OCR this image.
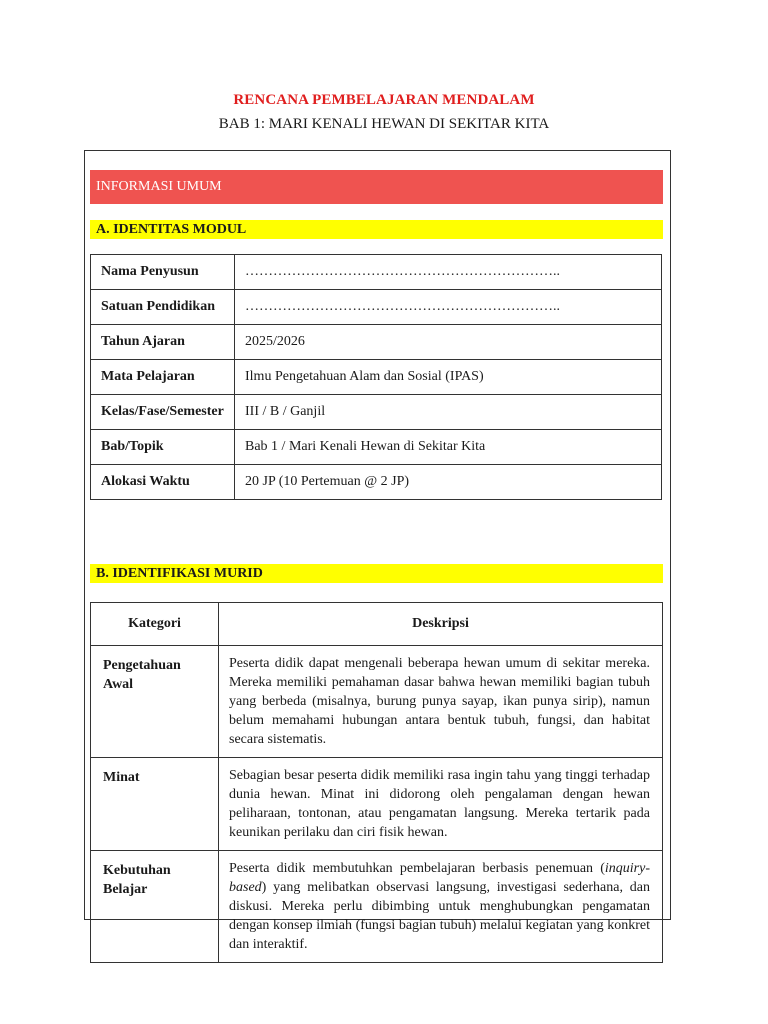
RENCANA PEMBELAJARAN MENDALAM
BAB 1: MARI KENALI HEWAN DI SEKITAR KITA
INFORMASI UMUM
A. IDENTITAS MODUL
Nama Penyusun	…………………………………………………………..
Satuan Pendidikan	…………………………………………………………..
Tahun Ajaran	2025/2026
Mata Pelajaran	Ilmu Pengetahuan Alam dan Sosial (IPAS)
Kelas/Fase/Semester	III / B / Ganjil
Bab/Topik	Bab 1 / Mari Kenali Hewan di Sekitar Kita
Alokasi Waktu	20 JP (10 Pertemuan @ 2 JP)
B. IDENTIFIKASI MURID
Kategori	Deskripsi
Pengetahuan Awal	Peserta didik dapat mengenali beberapa hewan umum di sekitar mereka. Mereka memiliki pemahaman dasar bahwa hewan memiliki bagian tubuh yang berbeda (misalnya, burung punya sayap, ikan punya sirip), namun belum memahami hubungan antara bentuk tubuh, fungsi, dan habitat secara sistematis.
Minat	Sebagian besar peserta didik memiliki rasa ingin tahu yang tinggi terhadap dunia hewan. Minat ini didorong oleh pengalaman dengan hewan peliharaan, tontonan, atau pengamatan langsung. Mereka tertarik pada keunikan perilaku dan ciri fisik hewan.
Kebutuhan Belajar	Peserta didik membutuhkan pembelajaran berbasis penemuan (inquiry-based) yang melibatkan observasi langsung, investigasi sederhana, dan diskusi. Mereka perlu dibimbing untuk menghubungkan pengamatan dengan konsep ilmiah (fungsi bagian tubuh) melalui kegiatan yang konkret dan interaktif.
